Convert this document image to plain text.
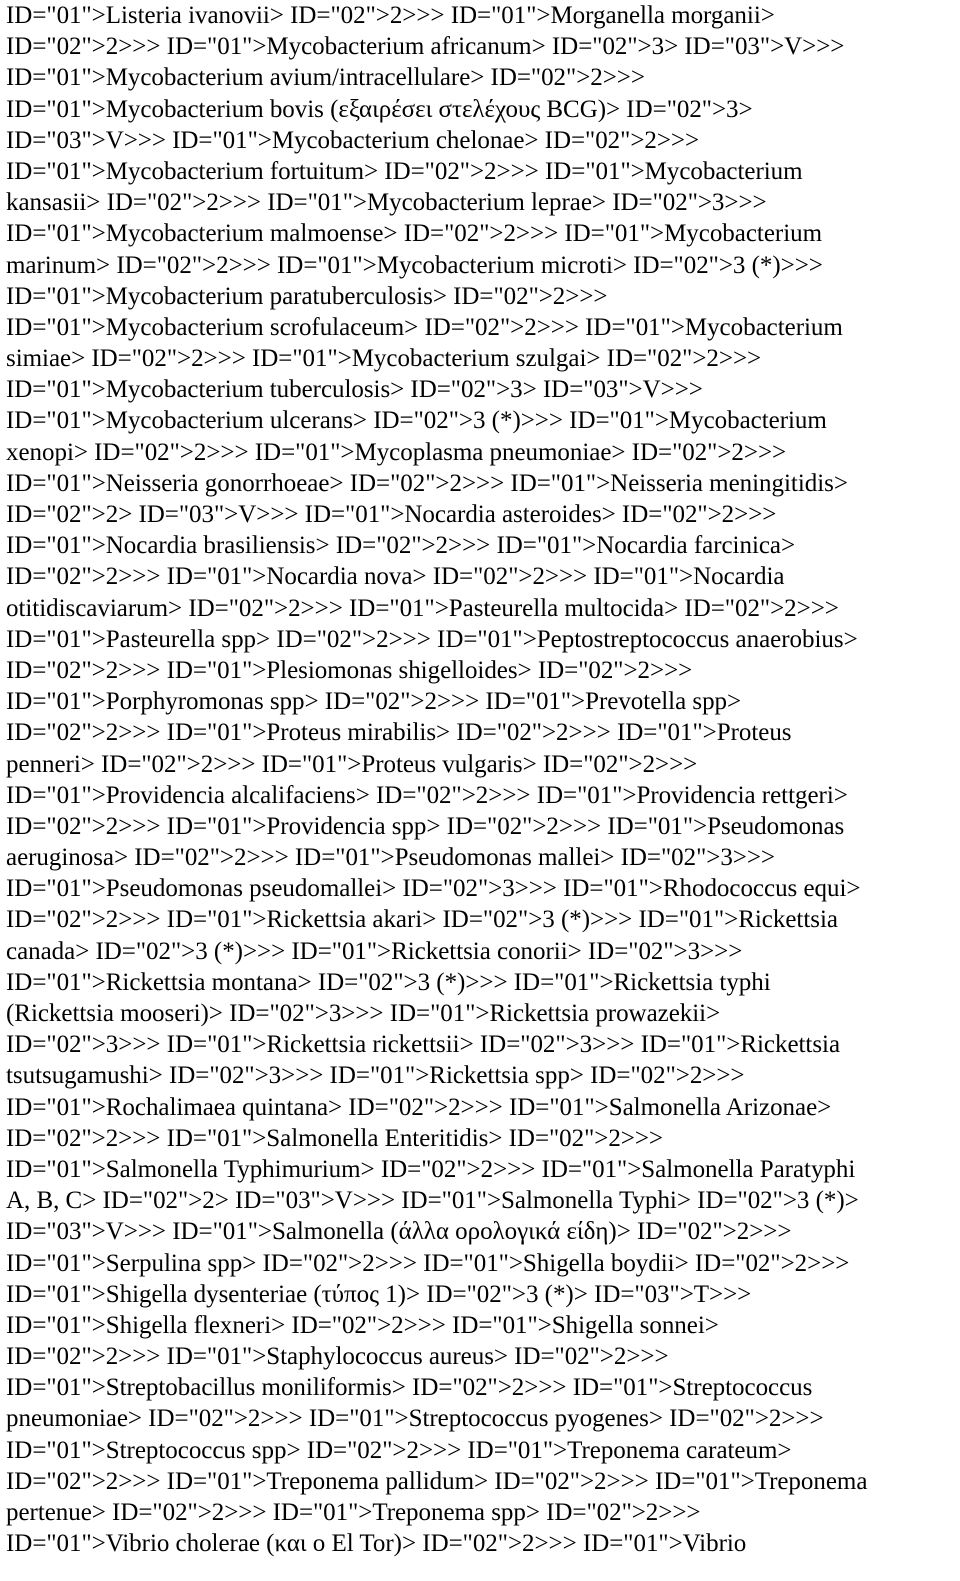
ID="01">Listeria ivanovii> ID="02">2>>> ID="01">Morganella morganii>
ID="02">2>>> ID="01">Mycobacterium africanum> ID="02">3> ID="03">V>>>
ID="01">Mycobacterium avium/intracellulare> ID="02">2>>>
ID="01">Mycobacterium bovis (εξαιρέσει στελέχους BCG)> ID="02">3>
ID="03">V>>> ID="01">Mycobacterium chelonae> ID="02">2>>>
ID="01">Mycobacterium fortuitum> ID="02">2>>> ID="01">Mycobacterium
kansasii> ID="02">2>>> ID="01">Mycobacterium leprae> ID="02">3>>>
ID="01">Mycobacterium malmoense> ID="02">2>>> ID="01">Mycobacterium
marinum> ID="02">2>>> ID="01">Mycobacterium microti> ID="02">3 (*)>>>
ID="01">Mycobacterium paratuberculosis> ID="02">2>>>
ID="01">Mycobacterium scrofulaceum> ID="02">2>>> ID="01">Mycobacterium
simiae> ID="02">2>>> ID="01">Mycobacterium szulgai> ID="02">2>>>
ID="01">Mycobacterium tuberculosis> ID="02">3> ID="03">V>>>
ID="01">Mycobacterium ulcerans> ID="02">3 (*)>>> ID="01">Mycobacterium
xenopi> ID="02">2>>> ID="01">Mycoplasma pneumoniae> ID="02">2>>>
ID="01">Neisseria gonorrhoeae> ID="02">2>>> ID="01">Neisseria meningitidis>
ID="02">2> ID="03">V>>> ID="01">Nocardia asteroides> ID="02">2>>>
ID="01">Nocardia brasiliensis> ID="02">2>>> ID="01">Nocardia farcinica>
ID="02">2>>> ID="01">Nocardia nova> ID="02">2>>> ID="01">Nocardia
otitidiscaviarum> ID="02">2>>> ID="01">Pasteurella multocida> ID="02">2>>>
ID="01">Pasteurella spp> ID="02">2>>> ID="01">Peptostreptococcus anaerobius>
ID="02">2>>> ID="01">Plesiomonas shigelloides> ID="02">2>>>
ID="01">Porphyromonas spp> ID="02">2>>> ID="01">Prevotella spp>
ID="02">2>>> ID="01">Proteus mirabilis> ID="02">2>>> ID="01">Proteus
penneri> ID="02">2>>> ID="01">Proteus vulgaris> ID="02">2>>>
ID="01">Providencia alcalifaciens> ID="02">2>>> ID="01">Providencia rettgeri>
ID="02">2>>> ID="01">Providencia spp> ID="02">2>>> ID="01">Pseudomonas
aeruginosa> ID="02">2>>> ID="01">Pseudomonas mallei> ID="02">3>>>
ID="01">Pseudomonas pseudomallei> ID="02">3>>> ID="01">Rhodococcus equi>
ID="02">2>>> ID="01">Rickettsia akari> ID="02">3 (*)>>> ID="01">Rickettsia
canada> ID="02">3 (*)>>> ID="01">Rickettsia conorii> ID="02">3>>>
ID="01">Rickettsia montana> ID="02">3 (*)>>> ID="01">Rickettsia typhi
(Rickettsia mooseri)> ID="02">3>>> ID="01">Rickettsia prowazekii>
ID="02">3>>> ID="01">Rickettsia rickettsii> ID="02">3>>> ID="01">Rickettsia
tsutsugamushi> ID="02">3>>> ID="01">Rickettsia spp> ID="02">2>>>
ID="01">Rochalimaea quintana> ID="02">2>>> ID="01">Salmonella Arizonae>
ID="02">2>>> ID="01">Salmonella Enteritidis> ID="02">2>>>
ID="01">Salmonella Typhimurium> ID="02">2>>> ID="01">Salmonella Paratyphi
A, B, C> ID="02">2> ID="03">V>>> ID="01">Salmonella Typhi> ID="02">3 (*)>
ID="03">V>>> ID="01">Salmonella (άλλα ορολογικά είδη)> ID="02">2>>>
ID="01">Serpulina spp> ID="02">2>>> ID="01">Shigella boydii> ID="02">2>>>
ID="01">Shigella dysenteriae (τύπος 1)> ID="02">3 (*)> ID="03">T>>>
ID="01">Shigella flexneri> ID="02">2>>> ID="01">Shigella sonnei>
ID="02">2>>> ID="01">Staphylococcus aureus> ID="02">2>>>
ID="01">Streptobacillus moniliformis> ID="02">2>>> ID="01">Streptococcus
pneumoniae> ID="02">2>>> ID="01">Streptococcus pyogenes> ID="02">2>>>
ID="01">Streptococcus spp> ID="02">2>>> ID="01">Treponema carateum>
ID="02">2>>> ID="01">Treponema pallidum> ID="02">2>>> ID="01">Treponema
pertenue> ID="02">2>>> ID="01">Treponema spp> ID="02">2>>>
ID="01">Vibrio cholerae (και ο El Tor)> ID="02">2>>> ID="01">Vibrio
